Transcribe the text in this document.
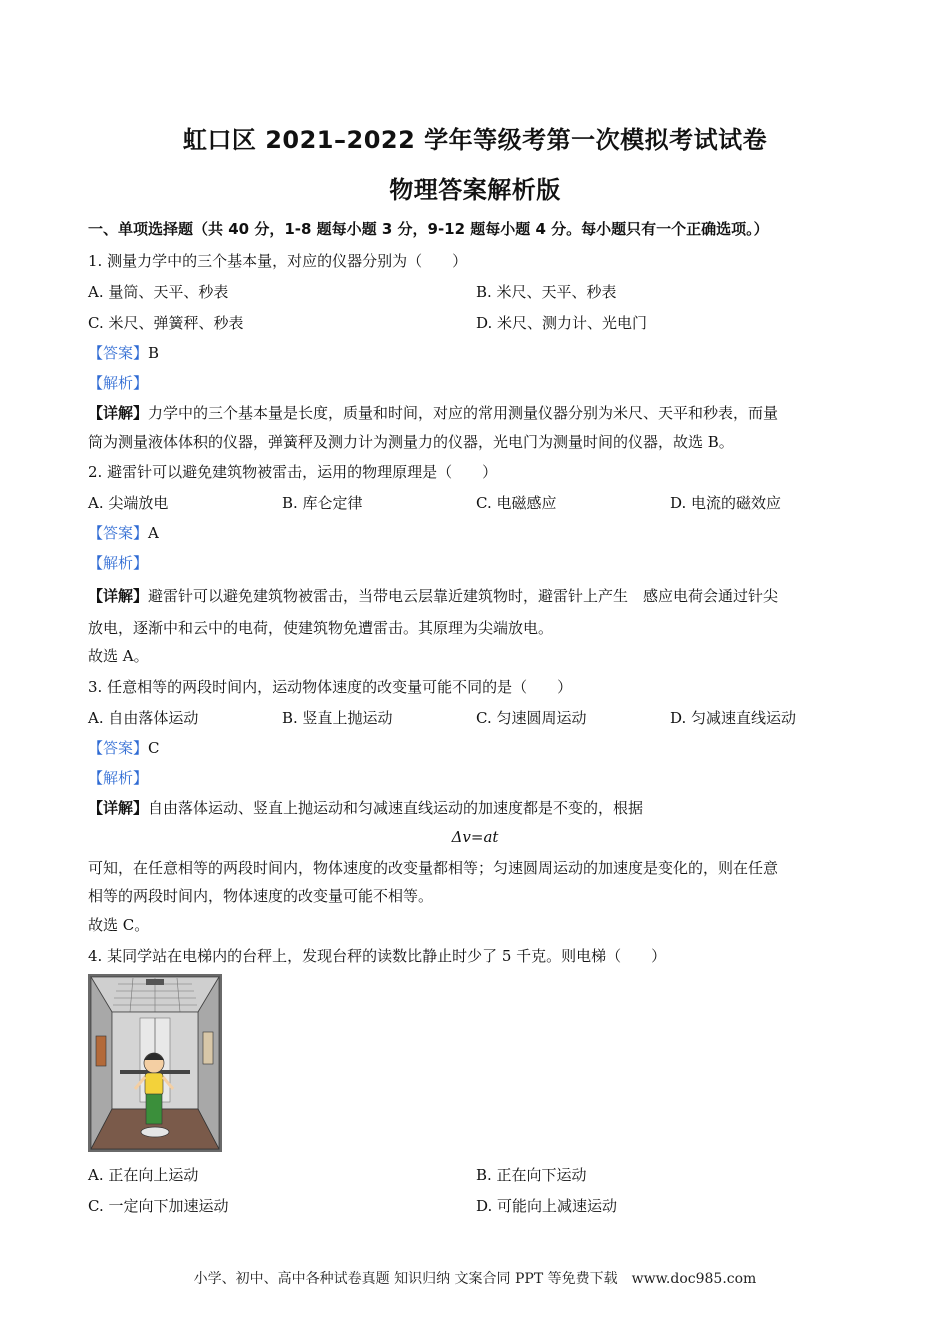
虹口区 2021–2022 学年等级考第一次模拟考试试卷
物理答案解析版
一、单项选择题（共 40 分，1-8 题每小题 3 分，9-12 题每小题 4 分。每小题只有一个正确选项。）
1. 测量力学中的三个基本量，对应的仪器分别为（　　）
A. 量筒、天平、秒表	B. 米尺、天平、秒表
C. 米尺、弹簧秤、秒表	D. 米尺、测力计、光电门
【答案】B
【解析】
【详解】力学中的三个基本量是长度，质量和时间，对应的常用测量仪器分别为米尺、天平和秒表，而量
筒为测量液体体积的仪器，弹簧秤及测力计为测量力的仪器，光电门为测量时间的仪器，故选 B。
2. 避雷针可以避免建筑物被雷击，运用的物理原理是（　　）
A. 尖端放电	B. 库仑定律	C. 电磁感应	D. 电流的磁效应
【答案】A
【解析】
【详解】避雷针可以避免建筑物被雷击，当带电云层靠近建筑物时，避雷针上产生　感应电荷会通过针尖
放电，逐渐中和云中的电荷，使建筑物免遭雷击。其原理为尖端放电。
故选 A。
3. 任意相等的两段时间内，运动物体速度的改变量可能不同的是（　　）
A. 自由落体运动	B. 竖直上抛运动	C. 匀速圆周运动	D. 匀减速直线运动
【答案】C
【解析】
【详解】自由落体运动、竖直上抛运动和匀减速直线运动的加速度都是不变的，根据
Δv=at
可知，在任意相等的两段时间内，物体速度的改变量都相等；匀速圆周运动的加速度是变化的，则在任意
相等的两段时间内，物体速度的改变量可能不相等。
故选 C。
4. 某同学站在电梯内的台秤上，发现台秤的读数比静止时少了 5 千克。则电梯（　　）
A. 正在向上运动	B. 正在向下运动
C. 一定向下加速运动	D. 可能向上减速运动
小学、初中、高中各种试卷真题 知识归纳 文案合同 PPT 等免费下载　www.doc985.com
